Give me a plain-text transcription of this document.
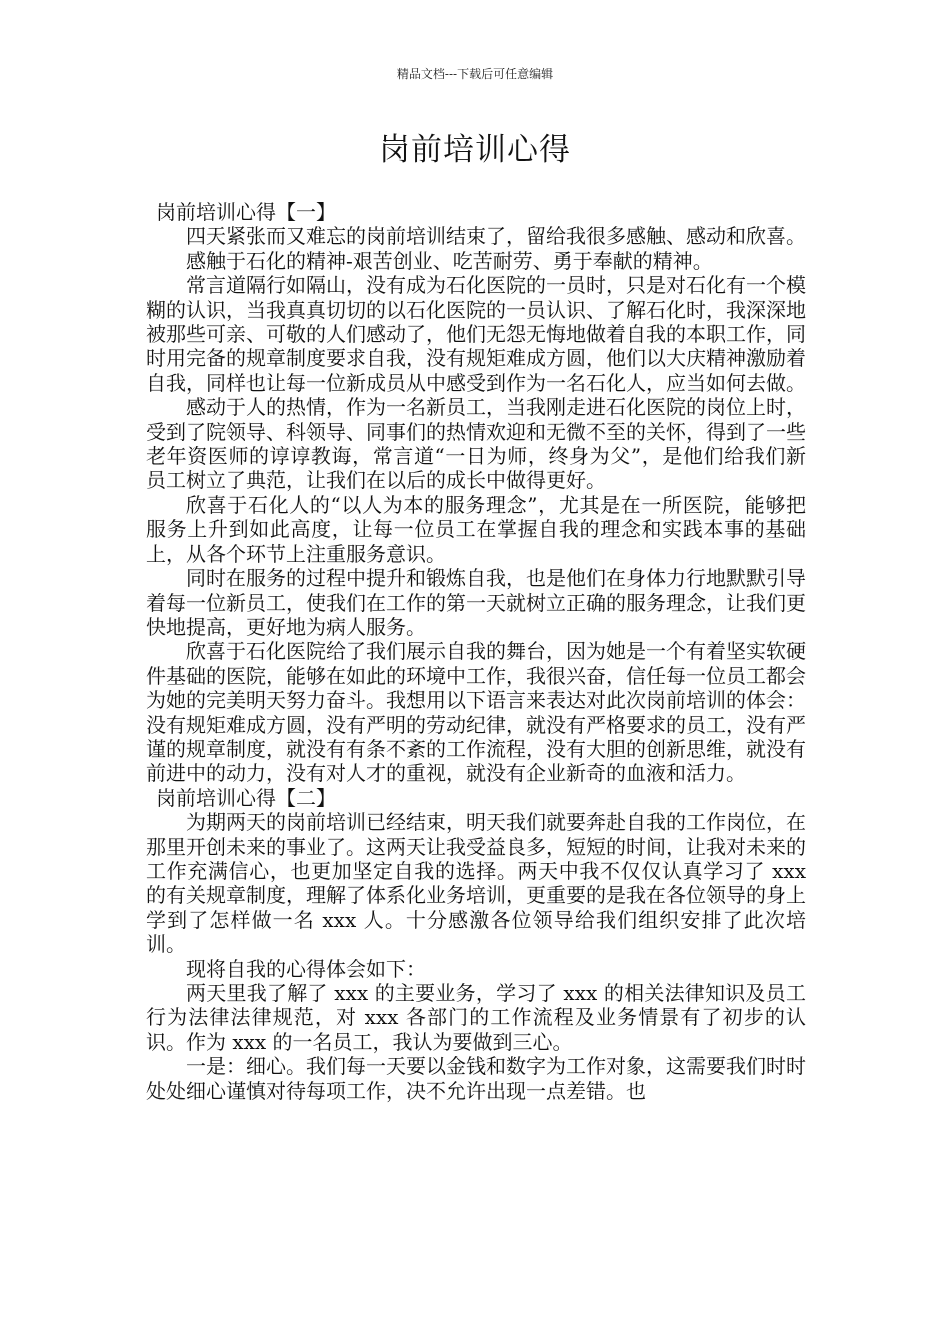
精品文档---下载后可任意编辑
岗前培训心得

岗前培训心得【一】

四天紧张而又难忘的岗前培训结束了，留给我很多感触、感动和欣喜。

感触于石化的精神-艰苦创业、吃苦耐劳、勇于奉献的精神。

常言道隔行如隔山，没有成为石化医院的一员时，只是对石化有一个模糊的认识，当我真真切切的以石化医院的一员认识、了解石化时，我深深地被那些可亲、可敬的人们感动了，他们无怨无悔地做着自我的本职工作，同时用完备的规章制度要求自我，没有规矩难成方圆，他们以大庆精神激励着自我，同样也让每一位新成员从中感受到作为一名石化人，应当如何去做。

感动于人的热情，作为一名新员工，当我刚走进石化医院的岗位上时，受到了院领导、科领导、同事们的热情欢迎和无微不至的关怀，得到了一些老年资医师的谆谆教诲，常言道“一日为师，终身为父”，是他们给我们新员工树立了典范，让我们在以后的成长中做得更好。

欣喜于石化人的“以人为本的服务理念”，尤其是在一所医院，能够把服务上升到如此高度，让每一位员工在掌握自我的理念和实践本事的基础上，从各个环节上注重服务意识。

同时在服务的过程中提升和锻炼自我，也是他们在身体力行地默默引导着每一位新员工，使我们在工作的第一天就树立正确的服务理念，让我们更快地提高，更好地为病人服务。

欣喜于石化医院给了我们展示自我的舞台，因为她是一个有着坚实软硬件基础的医院，能够在如此的环境中工作，我很兴奋，信任每一位员工都会为她的完美明天努力奋斗。我想用以下语言来表达对此次岗前培训的体会：没有规矩难成方圆，没有严明的劳动纪律，就没有严格要求的员工，没有严谨的规章制度，就没有有条不紊的工作流程，没有大胆的创新思维，就没有前进中的动力，没有对人才的重视，就没有企业新奇的血液和活力。

岗前培训心得【二】

为期两天的岗前培训已经结束，明天我们就要奔赴自我的工作岗位，在那里开创未来的事业了。这两天让我受益良多，短短的时间，让我对未来的工作充满信心，也更加坚定自我的选择。两天中我不仅仅认真学习了 xxx 的有关规章制度，理解了体系化业务培训，更重要的是我在各位领导的身上学到了怎样做一名 xxx 人。十分感激各位领导给我们组织安排了此次培训。

现将自我的心得体会如下：

两天里我了解了 xxx 的主要业务，学习了 xxx 的相关法律知识及员工行为法律法律规范，对 xxx 各部门的工作流程及业务情景有了初步的认识。作为 xxx 的一名员工，我认为要做到三心。

一是：细心。我们每一天要以金钱和数字为工作对象，这需要我们时时处处细心谨慎对待每项工作，决不允许出现一点差错。也
